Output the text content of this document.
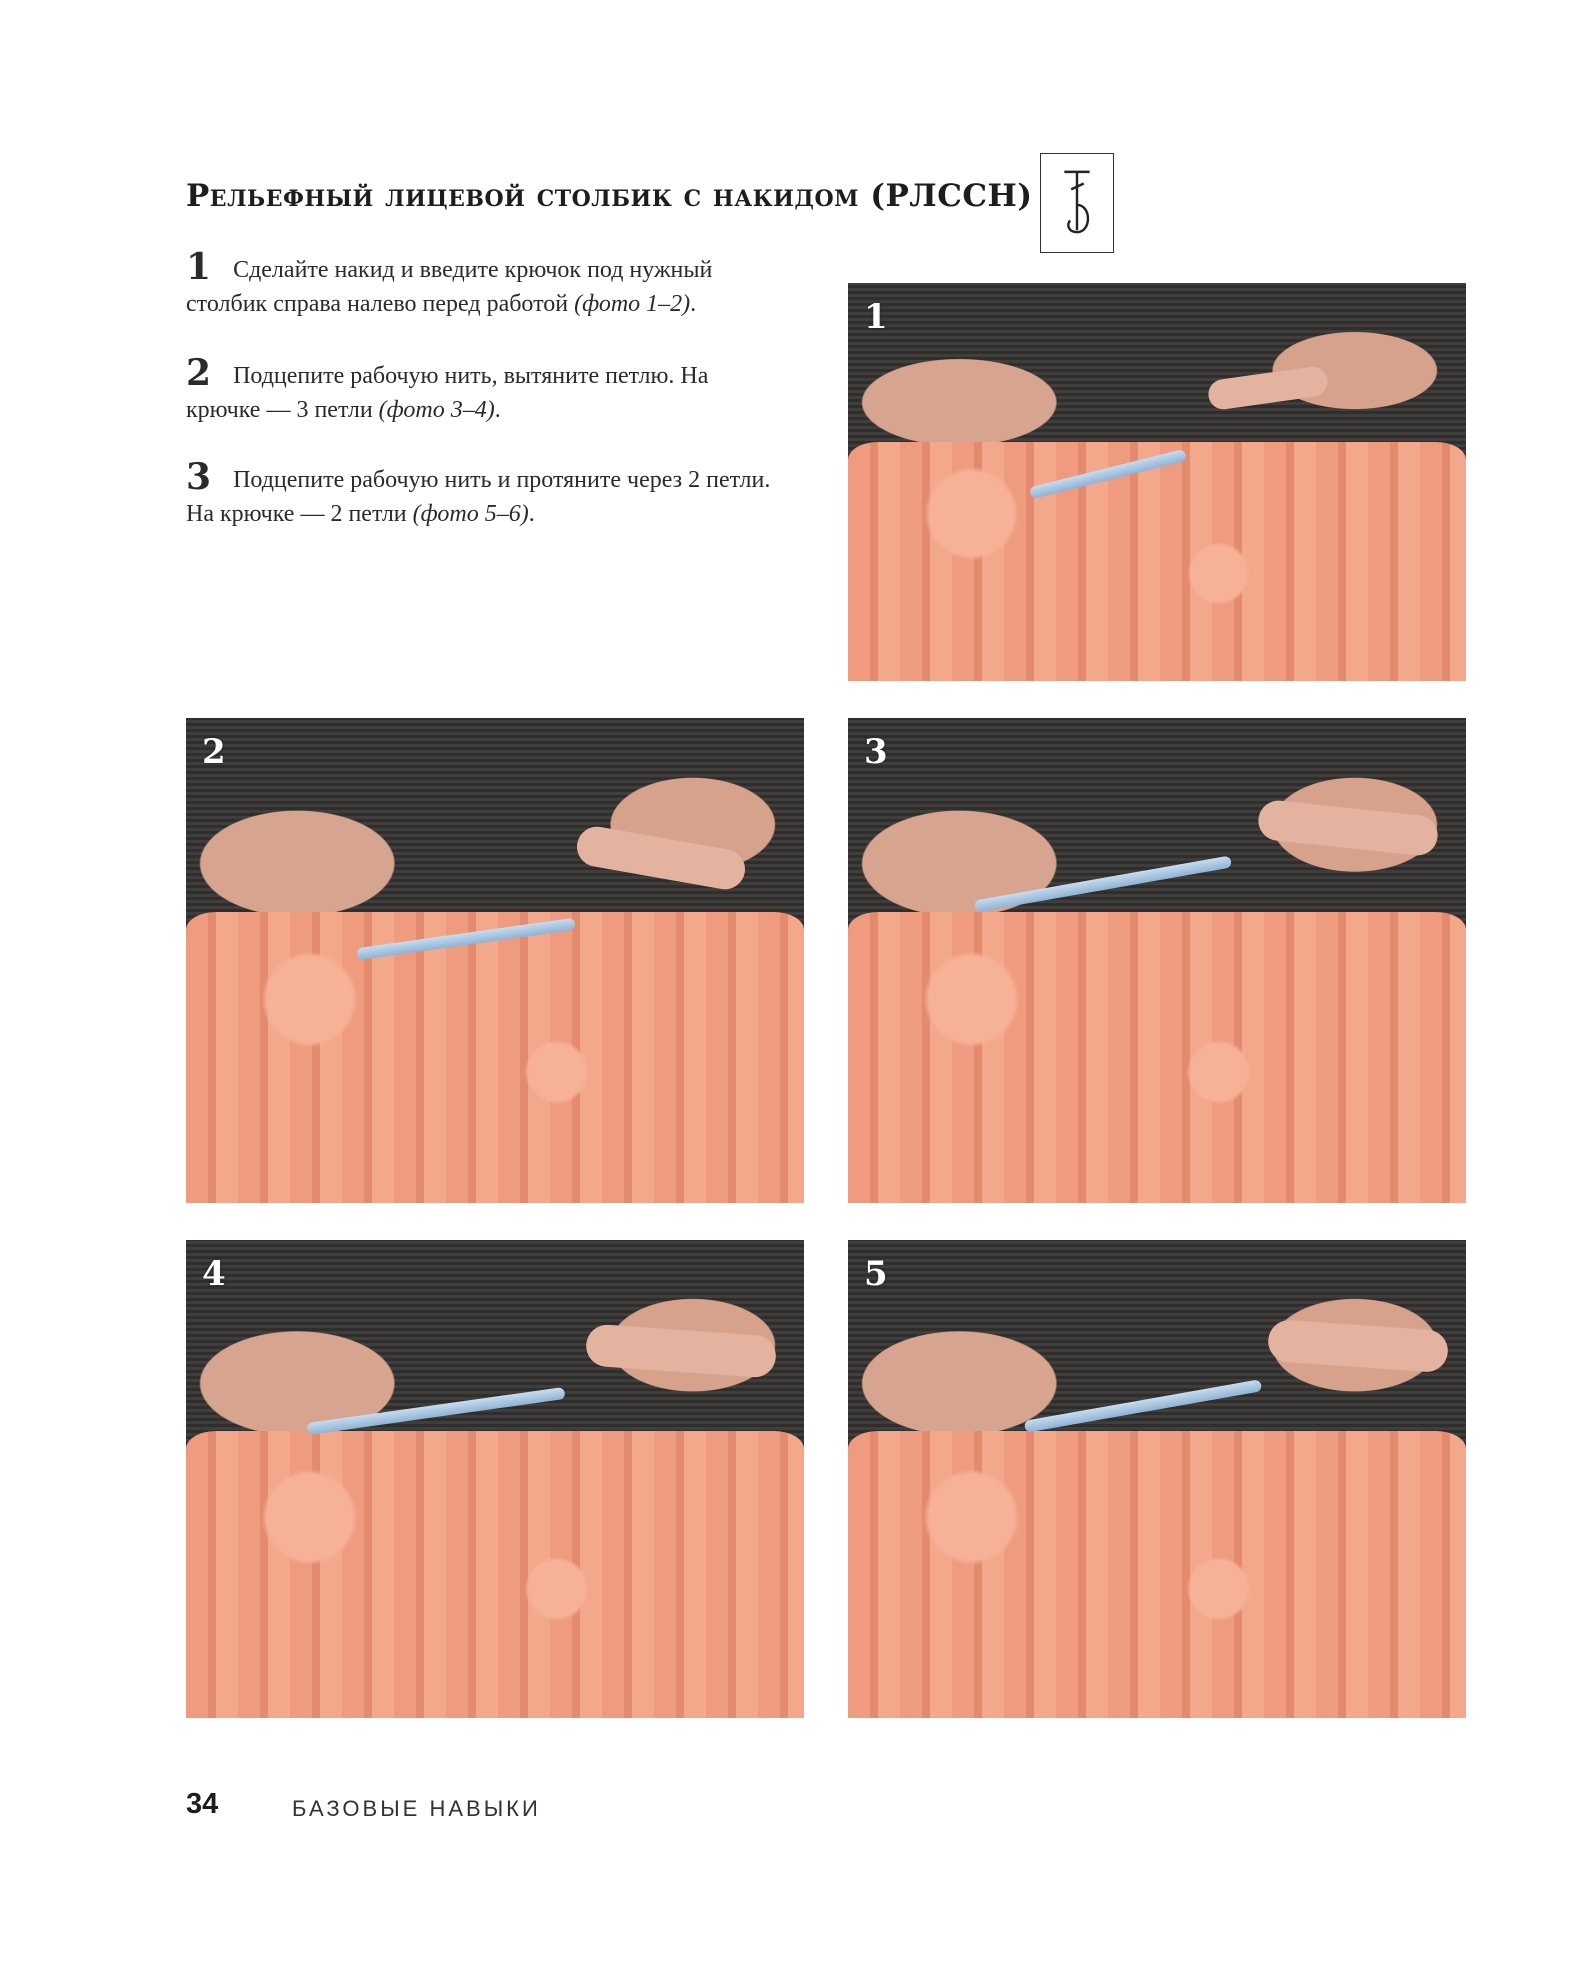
Рельефный лицевой столбик с накидом (РЛССН)
1 Сделайте накид и введите крючок под нужный столбик справа налево перед работой (фото 1–2).
2 Подцепите рабочую нить, вытяните петлю. На крючке — 3 петли (фото 3–4).
3 Подцепите рабочую нить и протяните через 2 петли. На крючке — 2 петли (фото 5–6).
1
2	3
4	5
34	БАЗОВЫЕ НАВЫКИ
